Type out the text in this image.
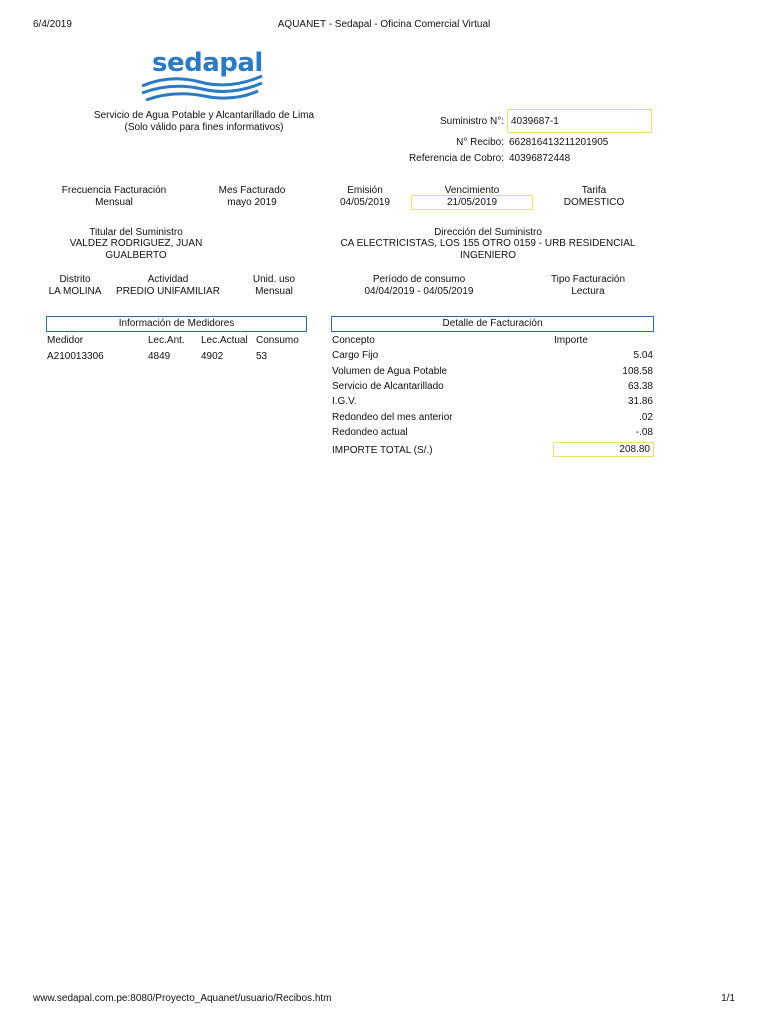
6/4/2019	AQUANET - Sedapal - Oficina Comercial Virtual
sedapal
Servicio de Agua Potable y Alcantarillado de Lima
(Solo válido para fines informativos)
Suministro N°: 4039687-1
N° Recibo: 662816413211201905
Referencia de Cobro: 40396872448
Frecuencia Facturación
Mensual
Mes Facturado
mayo 2019
Emisión
04/05/2019
Vencimiento
21/05/2019
Tarifa
DOMESTICO
Titular del Suministro
VALDEZ RODRIGUEZ, JUAN
GUALBERTO
Dirección del Suministro
CA ELECTRICISTAS, LOS 155 OTRO 0159 - URB RESIDENCIAL
INGENIERO
Distrito
LA MOLINA
Actividad
PREDIO UNIFAMILIAR
Unid. uso
Mensual
Período de consumo
04/04/2019 - 04/05/2019
Tipo Facturación
Lectura
Información de Medidores
Medidor	Lec.Ant. Lec.Actual Consumo
A210013306	4849	4902	53
Detalle de Facturación
Concepto	Importe
Cargo Fijo	5.04
Volumen de Agua Potable	108.58
Servicio de Alcantarillado	63.38
I.G.V.	31.86
Redondeo del mes anterior	.02
Redondeo actual	-.08
IMPORTE TOTAL (S/.)	208.80
www.sedapal.com.pe:8080/Proyecto_Aquanet/usuario/Recibos.htm	1/1
